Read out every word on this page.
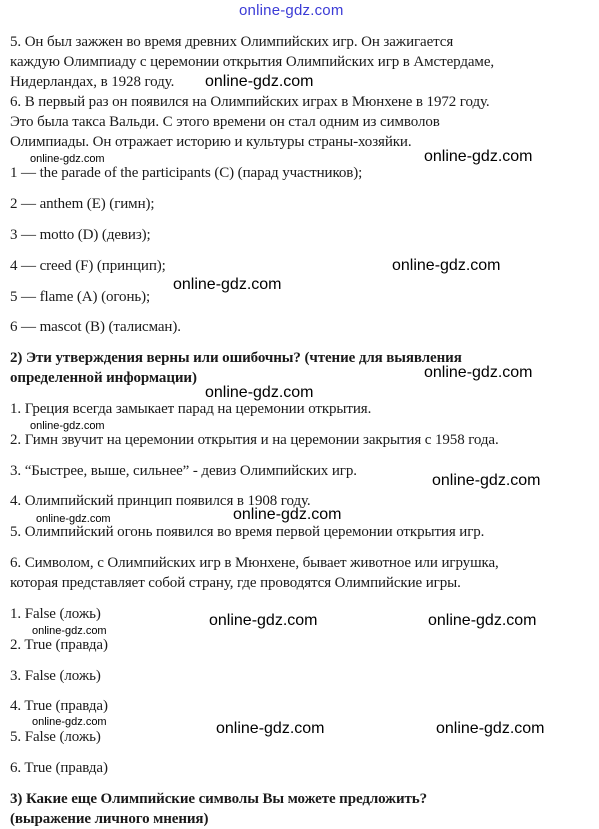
online-gdz.com
5. Он был зажжен во время древних Олимпийских игр. Он зажигается
каждую Олимпиаду с церемонии открытия Олимпийских игр в Амстердаме,
Нидерландах, в 1928 году.	online-gdz.com
6. В первый раз он появился на Олимпийских играх в Мюнхене в 1972 году.
Это была такса Вальди. С этого времени он стал одним из символов
Олимпиады. Он отражает историю и культуры страны-хозяйки.
online-gdz.com	online-gdz.com
1 — the parade of the participants (C) (парад участников);
2 — anthem (E) (гимн);
3 — motto (D) (девиз);
4 — creed (F) (принцип);	online-gdz.com
online-gdz.com
5 — flame (A) (огонь);
6 — mascot (B) (талисман).
2) Эти утверждения верны или ошибочны? (чтение для выявления
online-gdz.com
определенной информации)
online-gdz.com
1. Греция всегда замыкает парад на церемонии открытия.
online-gdz.com
2. Гимн звучит на церемонии открытия и на церемонии закрытия с 1958 года.
3. “Быстрее, выше, сильнее” - девиз Олимпийских игр.
online-gdz.com
4. Олимпийский принцип появился в 1908 году.
online-gdz.com
online-gdz.com
5. Олимпийский огонь появился во время первой церемонии открытия игр.
6. Символом, с Олимпийских игр в Мюнхене, бывает животное или игрушка,
которая представляет собой страну, где проводятся Олимпийские игры.
1. False (ложь)	online-gdz.com	online-gdz.com
online-gdz.com
2. True (правда)
3. False (ложь)
4. True (правда)
online-gdz.com	online-gdz.com	online-gdz.com
5. False (ложь)
6. True (правда)
3) Какие еще Олимпийские символы Вы можете предложить?
(выражение личного мнения)
